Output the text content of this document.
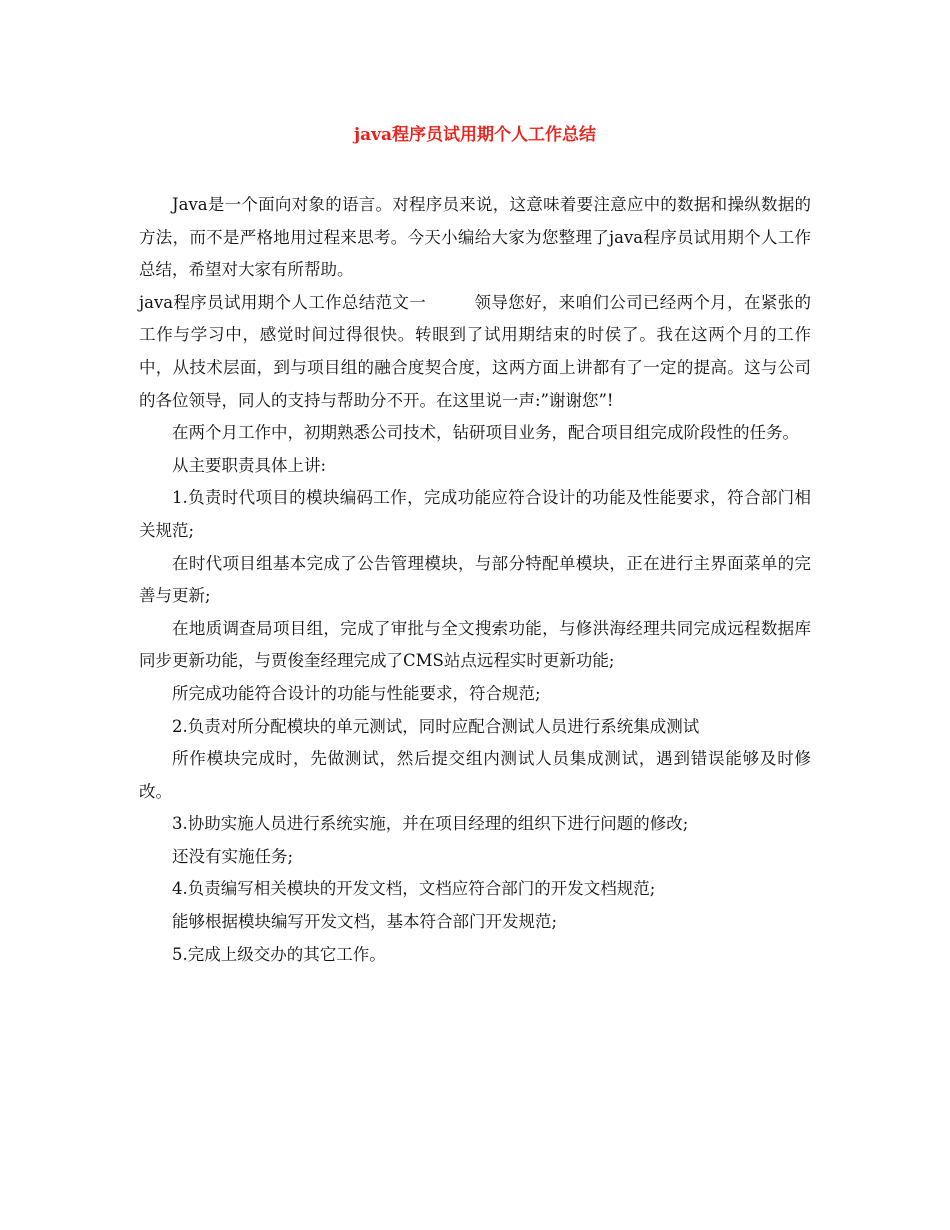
java程序员试用期个人工作总结

Java是一个面向对象的语言。对程序员来说，这意味着要注意应中的数据和操纵数据的方法，而不是严格地用过程来思考。今天小编给大家为您整理了java程序员试用期个人工作总结，希望对大家有所帮助。

java程序员试用期个人工作总结范文一	领导您好，来咱们公司已经两个月，在紧张的工作与学习中，感觉时间过得很快。转眼到了试用期结束的时侯了。我在这两个月的工作中，从技术层面，到与项目组的融合度契合度，这两方面上讲都有了一定的提高。这与公司的各位领导，同人的支持与帮助分不开。在这里说一声:”谢谢您”!

在两个月工作中，初期熟悉公司技术，钻研项目业务，配合项目组完成阶段性的任务。

从主要职责具体上讲:

1.负责时代项目的模块编码工作，完成功能应符合设计的功能及性能要求，符合部门相关规范;

在时代项目组基本完成了公告管理模块，与部分特配单模块，正在进行主界面菜单的完善与更新;

在地质调查局项目组，完成了审批与全文搜索功能，与修洪海经理共同完成远程数据库同步更新功能，与贾俊奎经理完成了CMS站点远程实时更新功能;

所完成功能符合设计的功能与性能要求，符合规范;

2.负责对所分配模块的单元测试，同时应配合测试人员进行系统集成测试

所作模块完成时，先做测试，然后提交组内测试人员集成测试，遇到错误能够及时修改。

3.协助实施人员进行系统实施，并在项目经理的组织下进行问题的修改;

还没有实施任务;

4.负责编写相关模块的开发文档，文档应符合部门的开发文档规范;

能够根据模块编写开发文档，基本符合部门开发规范;

5.完成上级交办的其它工作。
